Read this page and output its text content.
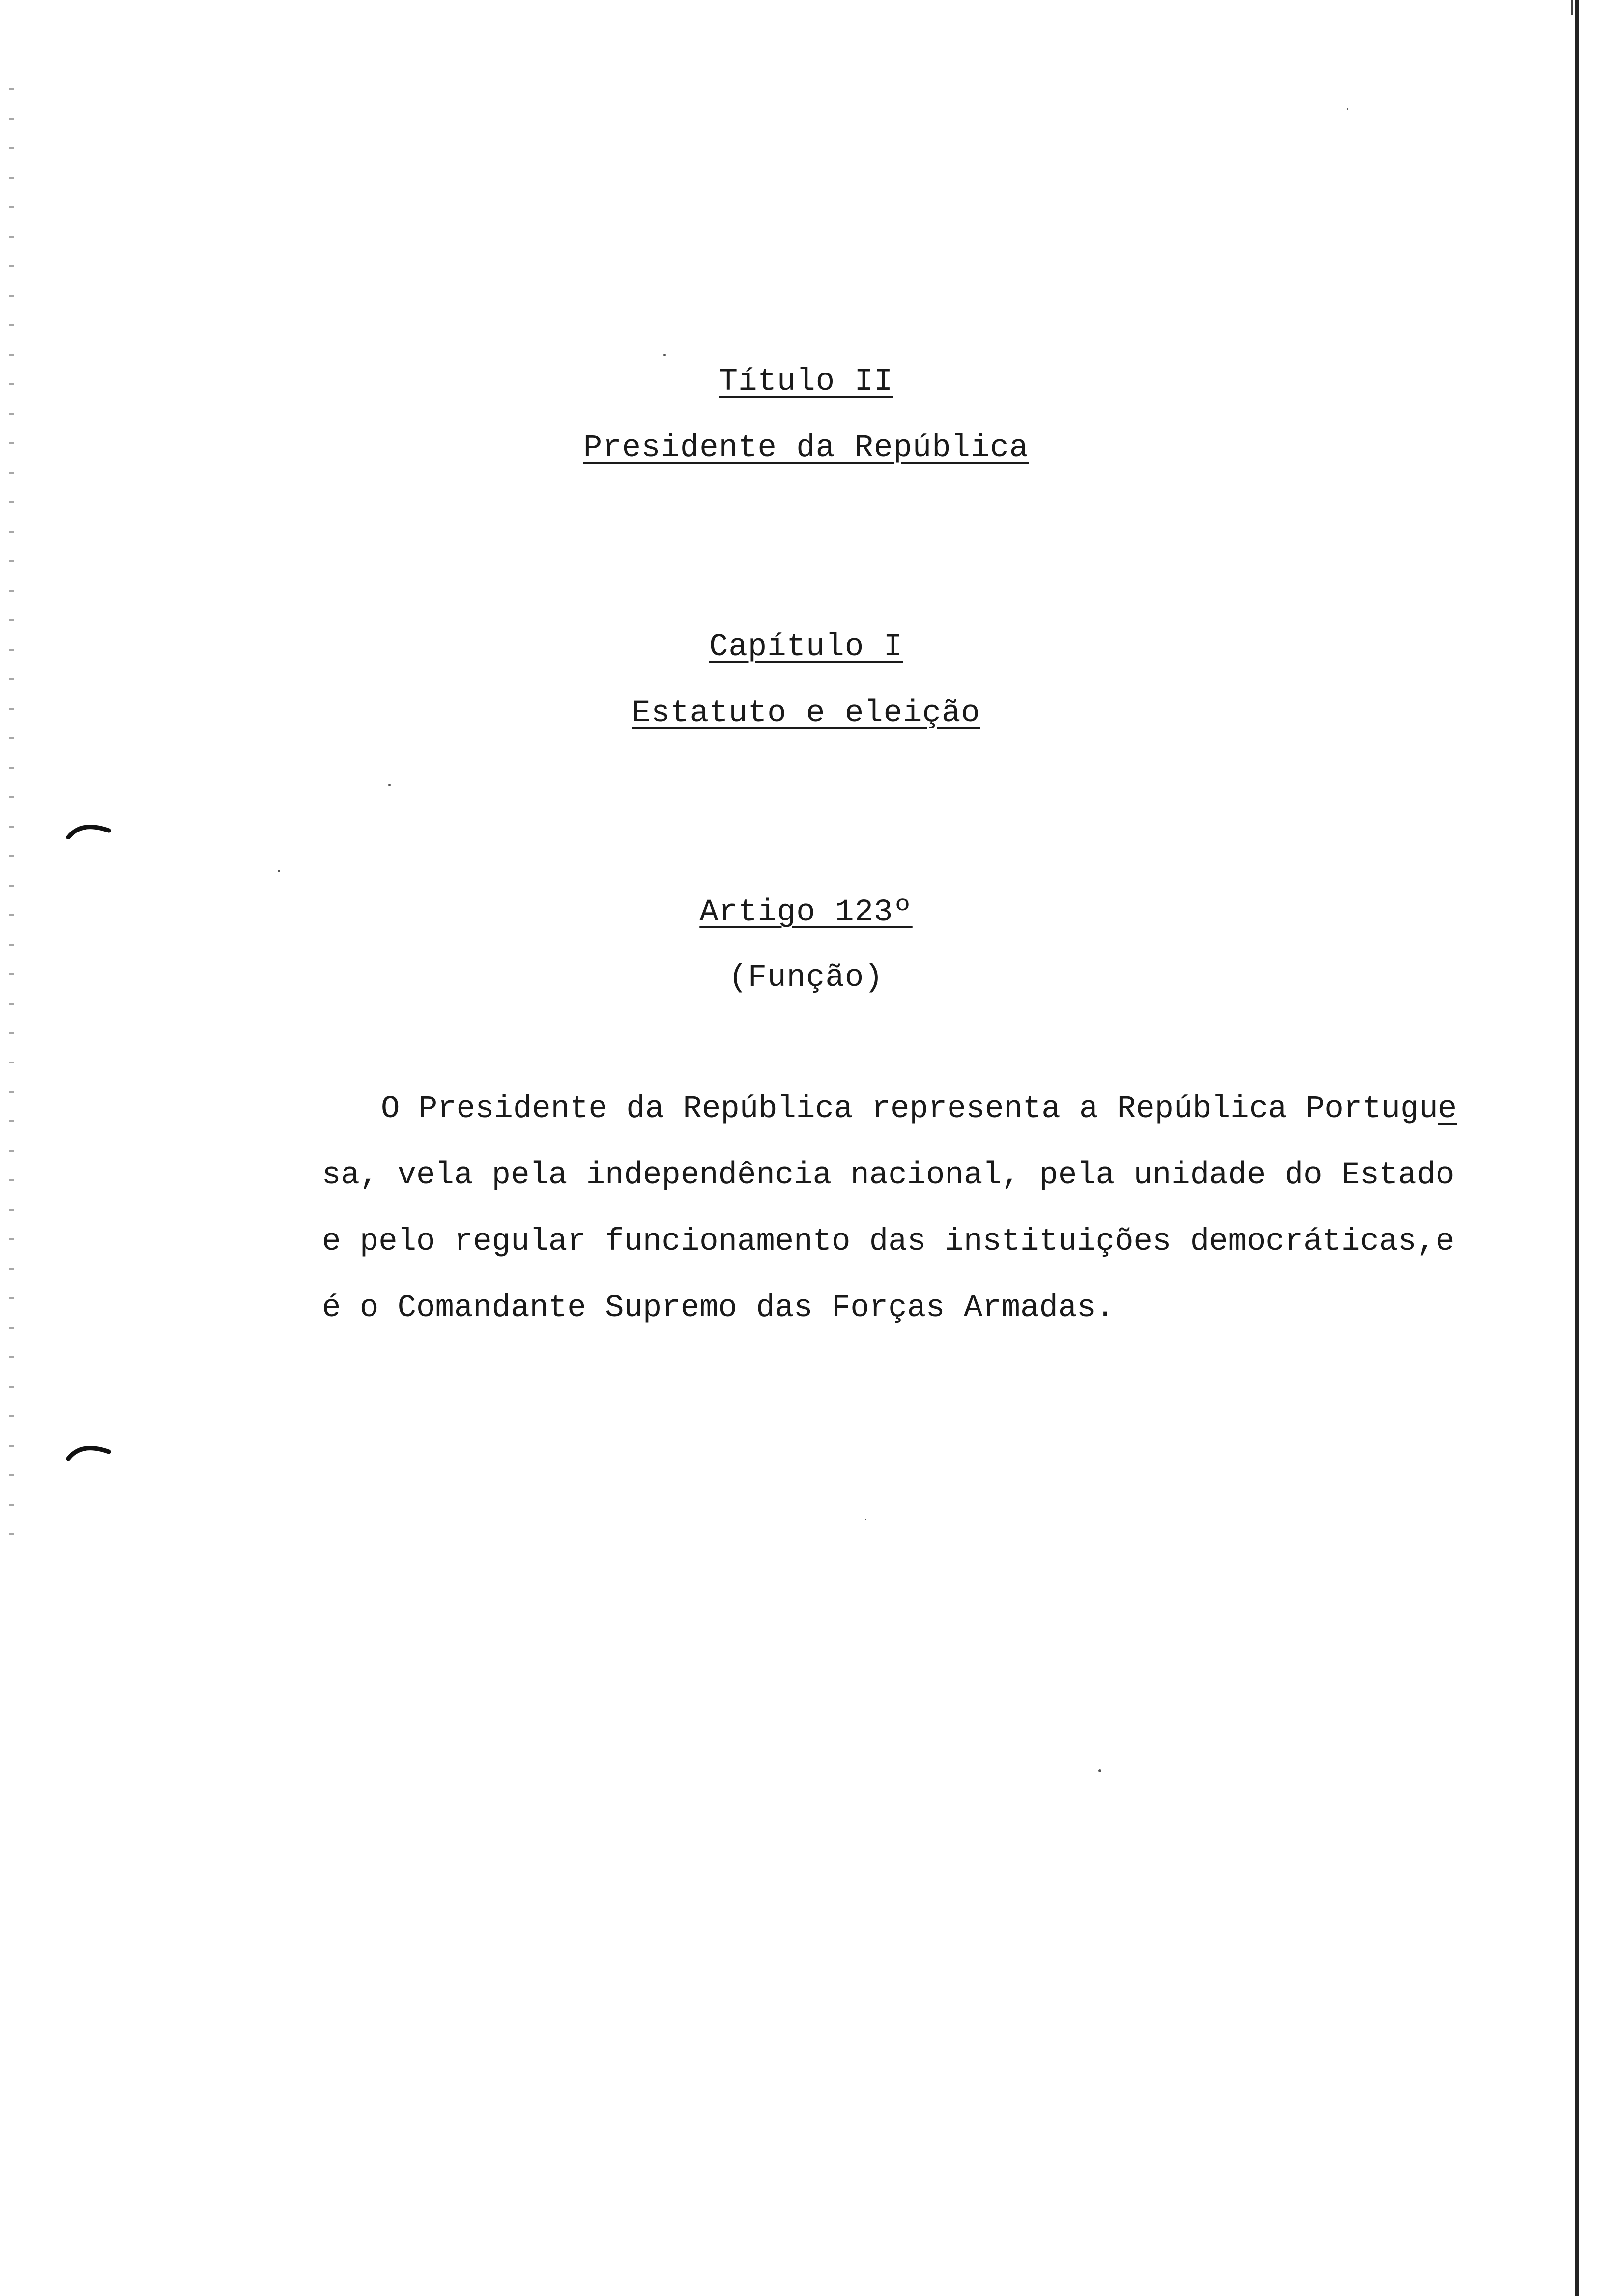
Título II
Presidente da República
Capítulo I
Estatuto e eleição
Artigo 123º
(Função)
O Presidente da República representa a República Portugue
sa, vela pela independência nacional, pela unidade do Estado
e pelo regular funcionamento das instituições democráticas,e
é o Comandante Supremo das Forças Armadas.
